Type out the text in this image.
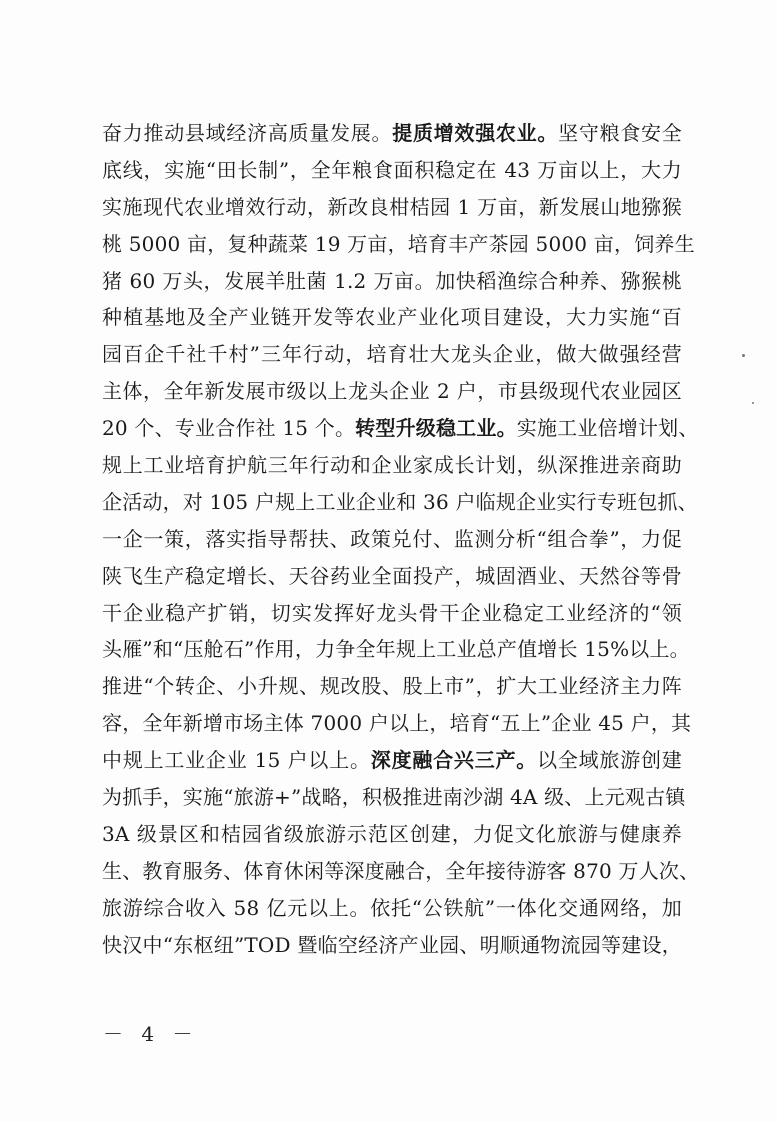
奋力推动县域经济高质量发展。提质增效强农业。坚守粮食安全
底线，实施“田长制”，全年粮食面积稳定在 43 万亩以上，大力
实施现代农业增效行动，新改良柑桔园 1 万亩，新发展山地猕猴
桃 5000 亩，复种蔬菜 19 万亩，培育丰产茶园 5000 亩，饲养生
猪 60 万头，发展羊肚菌 1.2 万亩。加快稻渔综合种养、猕猴桃
种植基地及全产业链开发等农业产业化项目建设，大力实施“百
园百企千社千村”三年行动，培育壮大龙头企业，做大做强经营
主体，全年新发展市级以上龙头企业 2 户，市县级现代农业园区
20 个、专业合作社 15 个。转型升级稳工业。实施工业倍增计划、
规上工业培育护航三年行动和企业家成长计划，纵深推进亲商助
企活动，对 105 户规上工业企业和 36 户临规企业实行专班包抓、
一企一策，落实指导帮扶、政策兑付、监测分析“组合拳”，力促
陕飞生产稳定增长、天谷药业全面投产，城固酒业、天然谷等骨
干企业稳产扩销，切实发挥好龙头骨干企业稳定工业经济的“领
头雁”和“压舱石”作用，力争全年规上工业总产值增长 15%以上。
推进“个转企、小升规、规改股、股上市”，扩大工业经济主力阵
容，全年新增市场主体 7000 户以上，培育“五上”企业 45 户，其
中规上工业企业 15 户以上。深度融合兴三产。以全域旅游创建
为抓手，实施“旅游+”战略，积极推进南沙湖 4A 级、上元观古镇
3A 级景区和桔园省级旅游示范区创建，力促文化旅游与健康养
生、教育服务、体育休闲等深度融合，全年接待游客 870 万人次、
旅游综合收入 58 亿元以上。依托“公铁航”一体化交通网络，加
快汉中“东枢纽”TOD 暨临空经济产业园、明顺通物流园等建设，
－ 4 －
